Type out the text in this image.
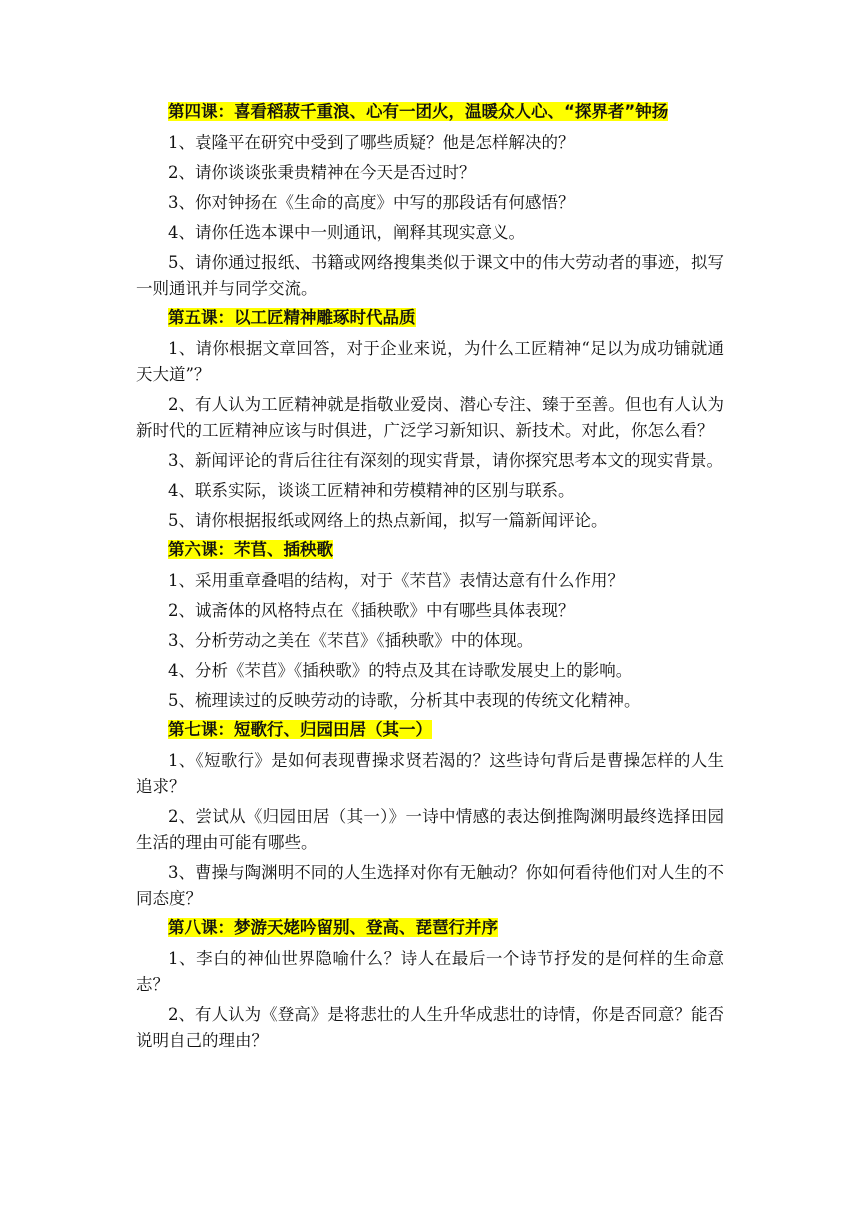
第四课：喜看稻菽千重浪、心有一团火，温暖众人心、“探界者”钟扬

1、袁隆平在研究中受到了哪些质疑？他是怎样解决的？

2、请你谈谈张秉贵精神在今天是否过时？

3、你对钟扬在《生命的高度》中写的那段话有何感悟？

4、请你任选本课中一则通讯，阐释其现实意义。

5、请你通过报纸、书籍或网络搜集类似于课文中的伟大劳动者的事迹，拟写一则通讯并与同学交流。

第五课：以工匠精神雕琢时代品质

1、请你根据文章回答，对于企业来说，为什么工匠精神“足以为成功铺就通天大道”？

2、有人认为工匠精神就是指敬业爱岗、潜心专注、臻于至善。但也有人认为新时代的工匠精神应该与时俱进，广泛学习新知识、新技术。对此，你怎么看？

3、新闻评论的背后往往有深刻的现实背景，请你探究思考本文的现实背景。

4、联系实际，谈谈工匠精神和劳模精神的区别与联系。

5、请你根据报纸或网络上的热点新闻，拟写一篇新闻评论。

第六课：芣苢、插秧歌

1、采用重章叠唱的结构，对于《芣苢》表情达意有什么作用？

2、诚斋体的风格特点在《插秧歌》中有哪些具体表现？

3、分析劳动之美在《芣苢》《插秧歌》中的体现。

4、分析《芣苢》《插秧歌》的特点及其在诗歌发展史上的影响。

5、梳理读过的反映劳动的诗歌，分析其中表现的传统文化精神。

第七课：短歌行、归园田居（其一）

1、《短歌行》是如何表现曹操求贤若渴的？这些诗句背后是曹操怎样的人生追求？

2、尝试从《归园田居（其一）》一诗中情感的表达倒推陶渊明最终选择田园生活的理由可能有哪些。

3、曹操与陶渊明不同的人生选择对你有无触动？你如何看待他们对人生的不同态度？

第八课：梦游天姥吟留别、登高、琵琶行并序

1、李白的神仙世界隐喻什么？诗人在最后一个诗节抒发的是何样的生命意志？

2、有人认为《登高》是将悲壮的人生升华成悲壮的诗情，你是否同意？能否说明自己的理由？
